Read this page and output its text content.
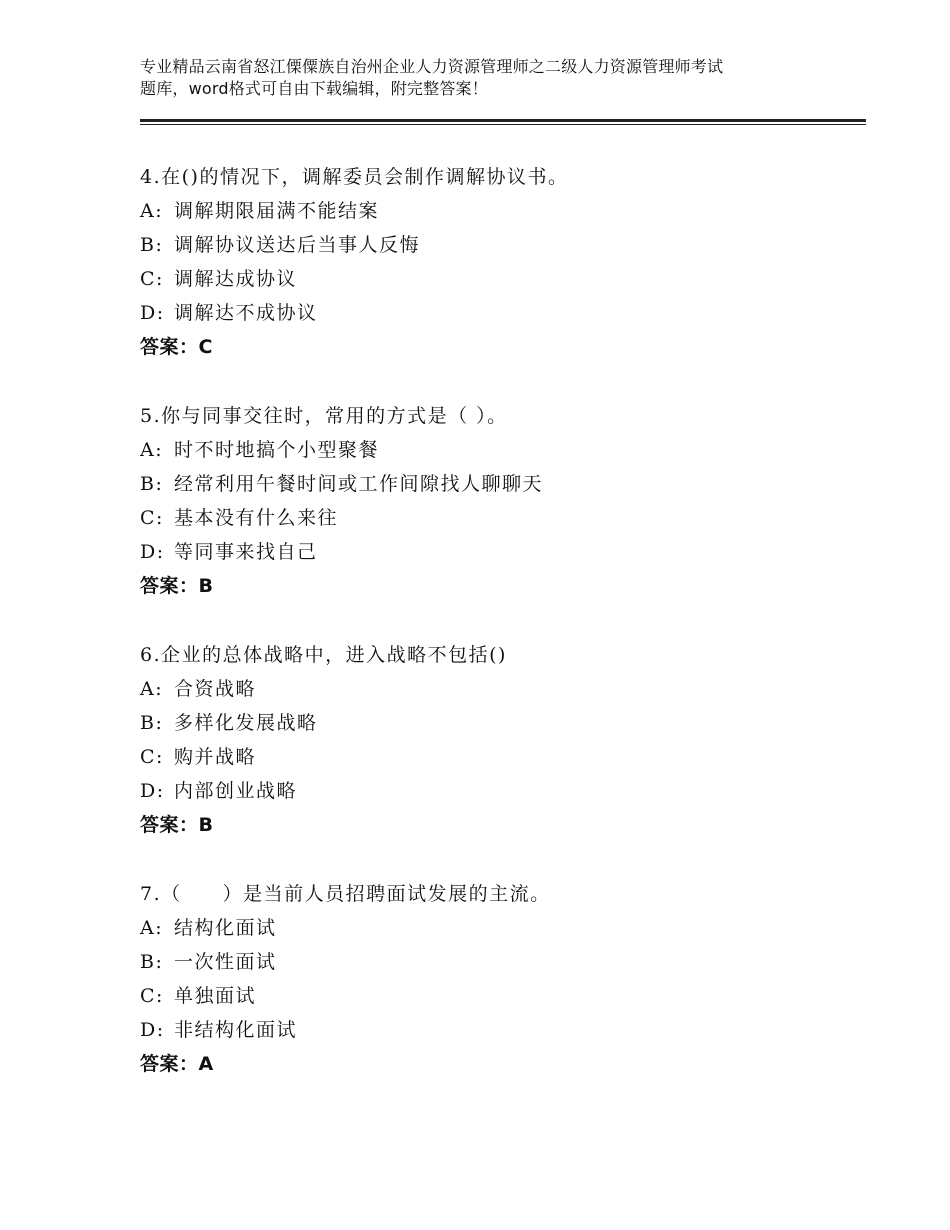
专业精品云南省怒江傈僳族自治州企业人力资源管理师之二级人力资源管理师考试
题库，word格式可自由下载编辑，附完整答案！
4.在()的情况下，调解委员会制作调解协议书。
A: 调解期限届满不能结案
B: 调解协议送达后当事人反悔
C: 调解达成协议
D: 调解达不成协议
答案：C
5.你与同事交往时，常用的方式是（ ）。
A: 时不时地搞个小型聚餐
B: 经常利用午餐时间或工作间隙找人聊聊天
C: 基本没有什么来往
D: 等同事来找自己
答案：B
6.企业的总体战略中，进入战略不包括()
A: 合资战略
B: 多样化发展战略
C: 购并战略
D: 内部创业战略
答案：B
7.（　　）是当前人员招聘面试发展的主流。
A: 结构化面试
B: 一次性面试
C: 单独面试
D: 非结构化面试
答案：A
